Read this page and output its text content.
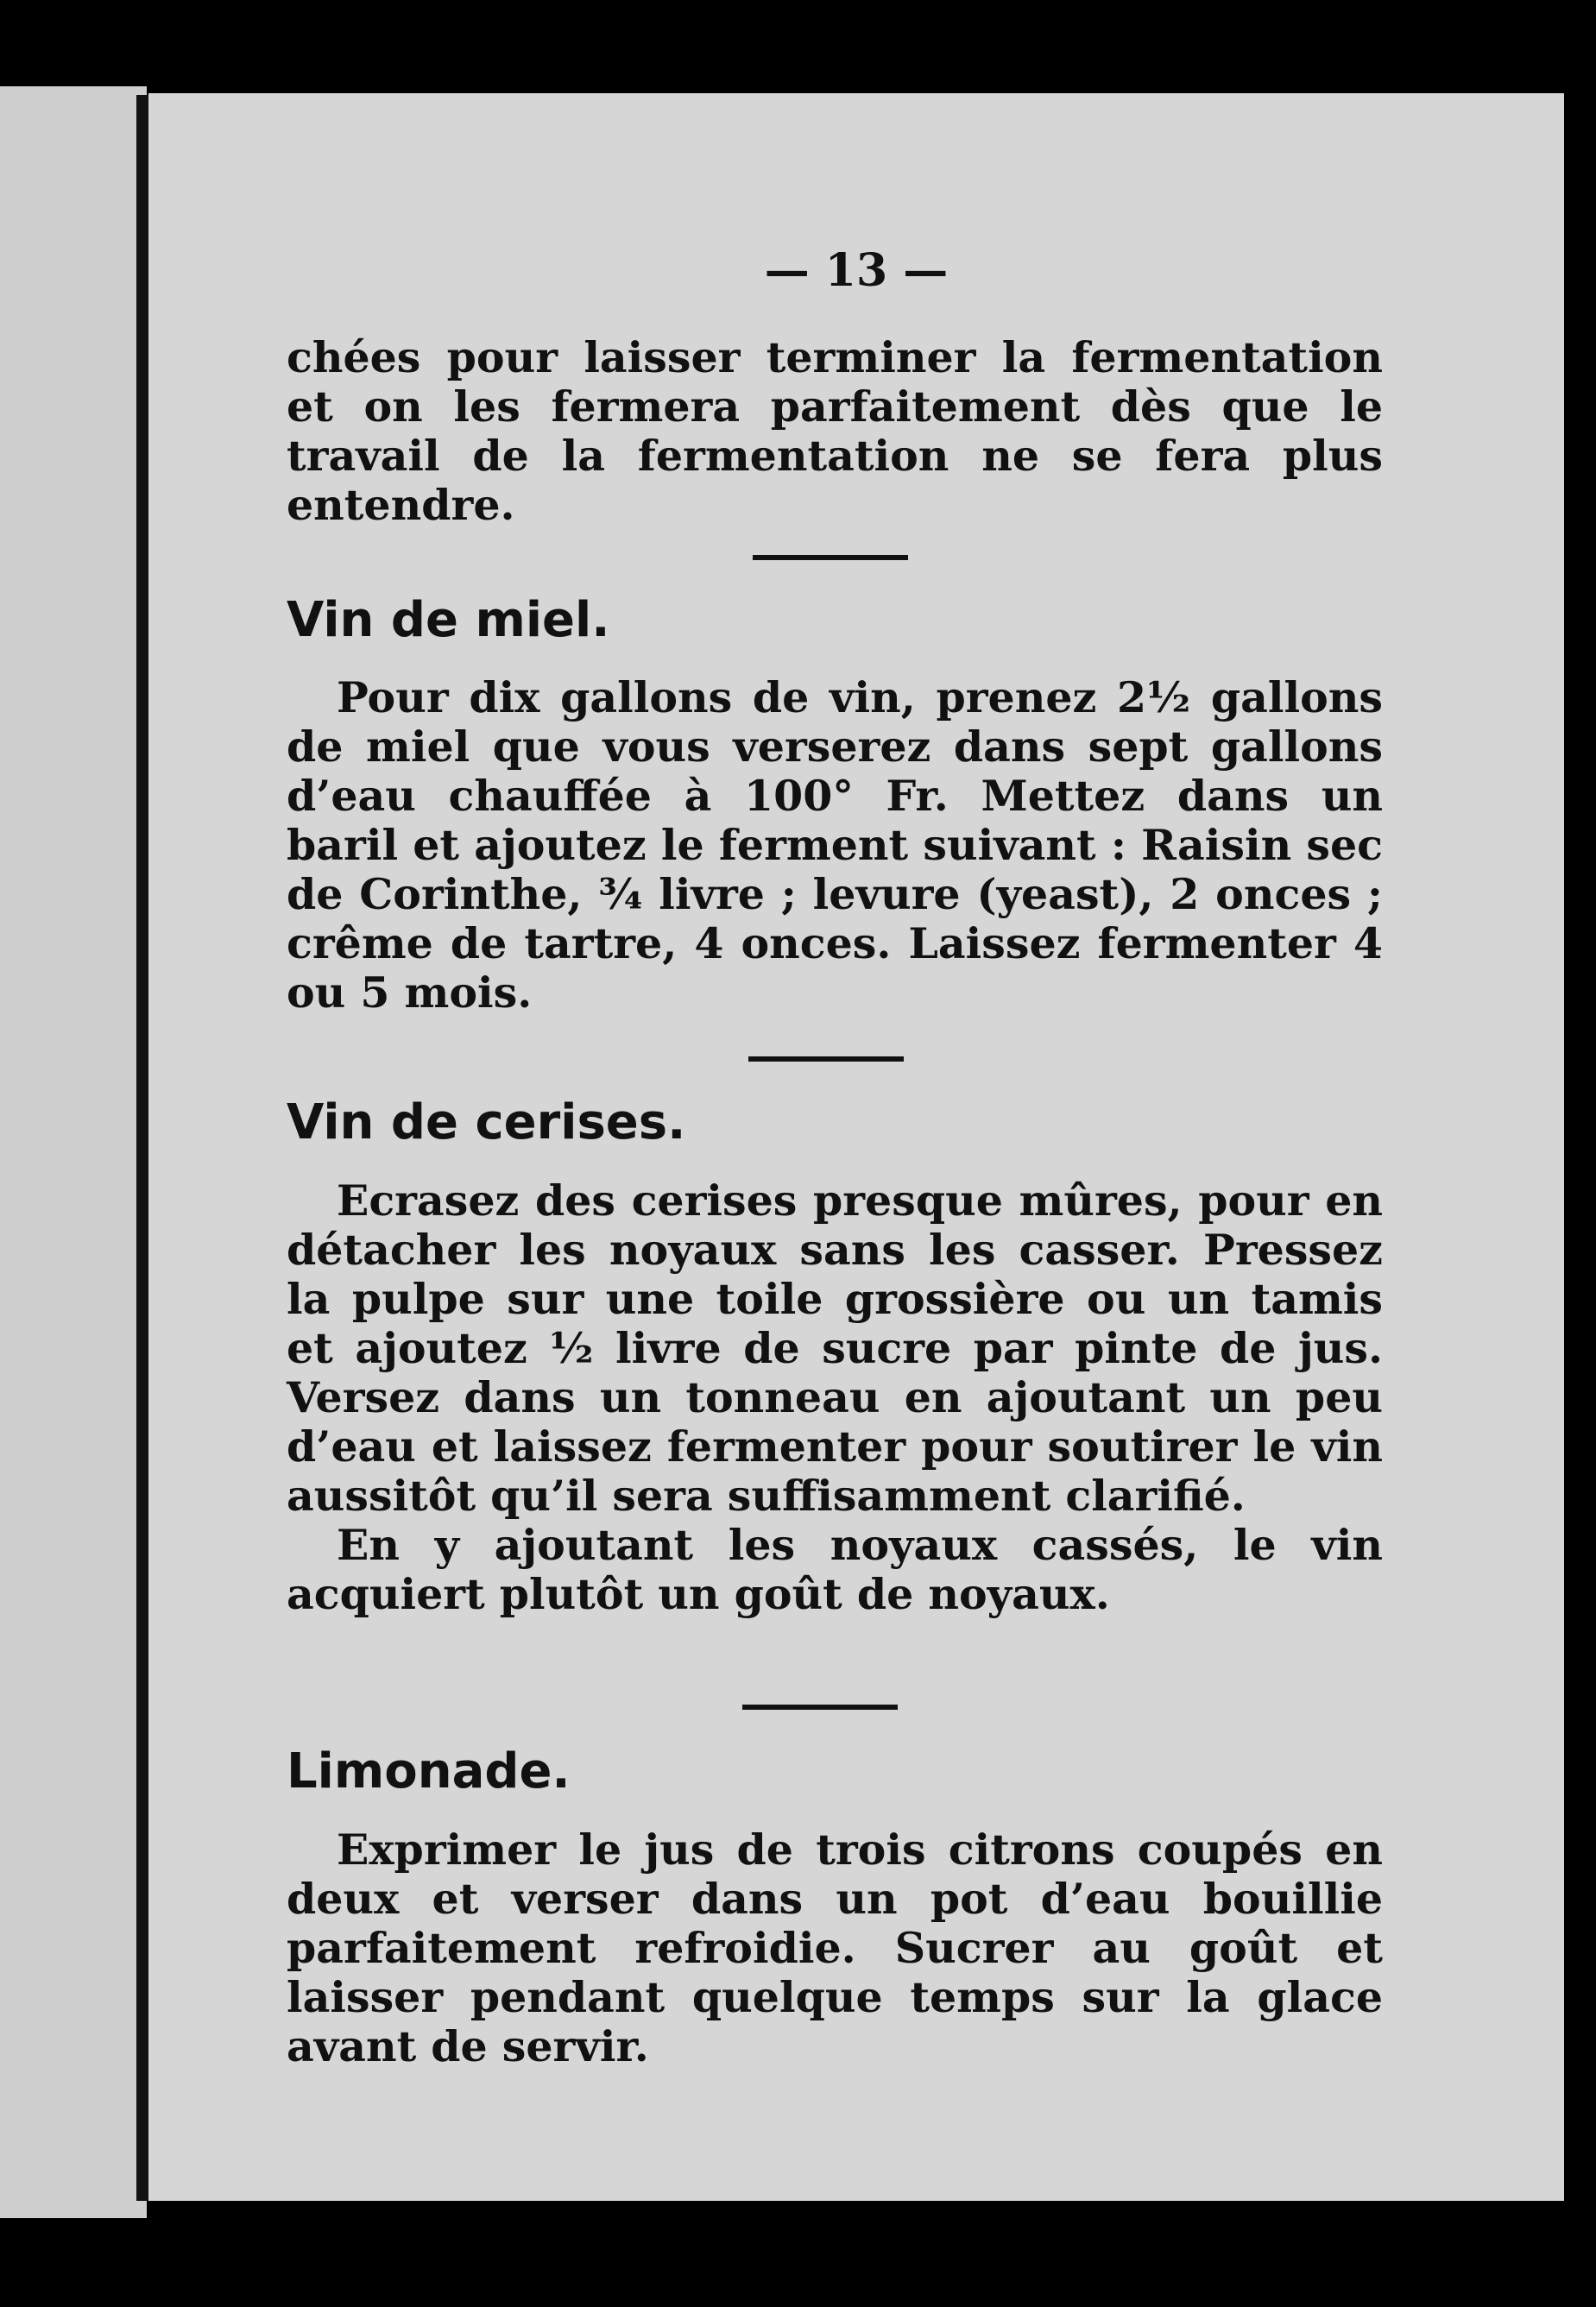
— 13 —

chées pour laisser terminer la fermentation et on les fermera parfaitement dès que le travail de la fermentation ne se fera plus entendre.

Vin de miel.

Pour dix gallons de vin, prenez 2½ gallons de miel que vous verserez dans sept gallons d’eau chauffée à 100° Fr. Mettez dans un baril et ajoutez le ferment suivant : Raisin sec de Corinthe, ¾ livre ; levure (yeast), 2 onces ; crême de tartre, 4 onces. Laissez fermenter 4 ou 5 mois.

Vin de cerises.

Ecrasez des cerises presque mûres, pour en détacher les noyaux sans les casser. Pressez la pulpe sur une toile grossière ou un tamis et ajoutez ½ livre de sucre par pinte de jus. Versez dans un tonneau en ajoutant un peu d’eau et laissez fermenter pour soutirer le vin aussitôt qu’il sera suffisamment clarifié.

En y ajoutant les noyaux cassés, le vin acquiert plutôt un goût de noyaux.

Limonade.

Exprimer le jus de trois citrons coupés en deux et verser dans un pot d’eau bouillie parfaitement refroidie. Sucrer au goût et laisser pendant quelque temps sur la glace avant de servir.
